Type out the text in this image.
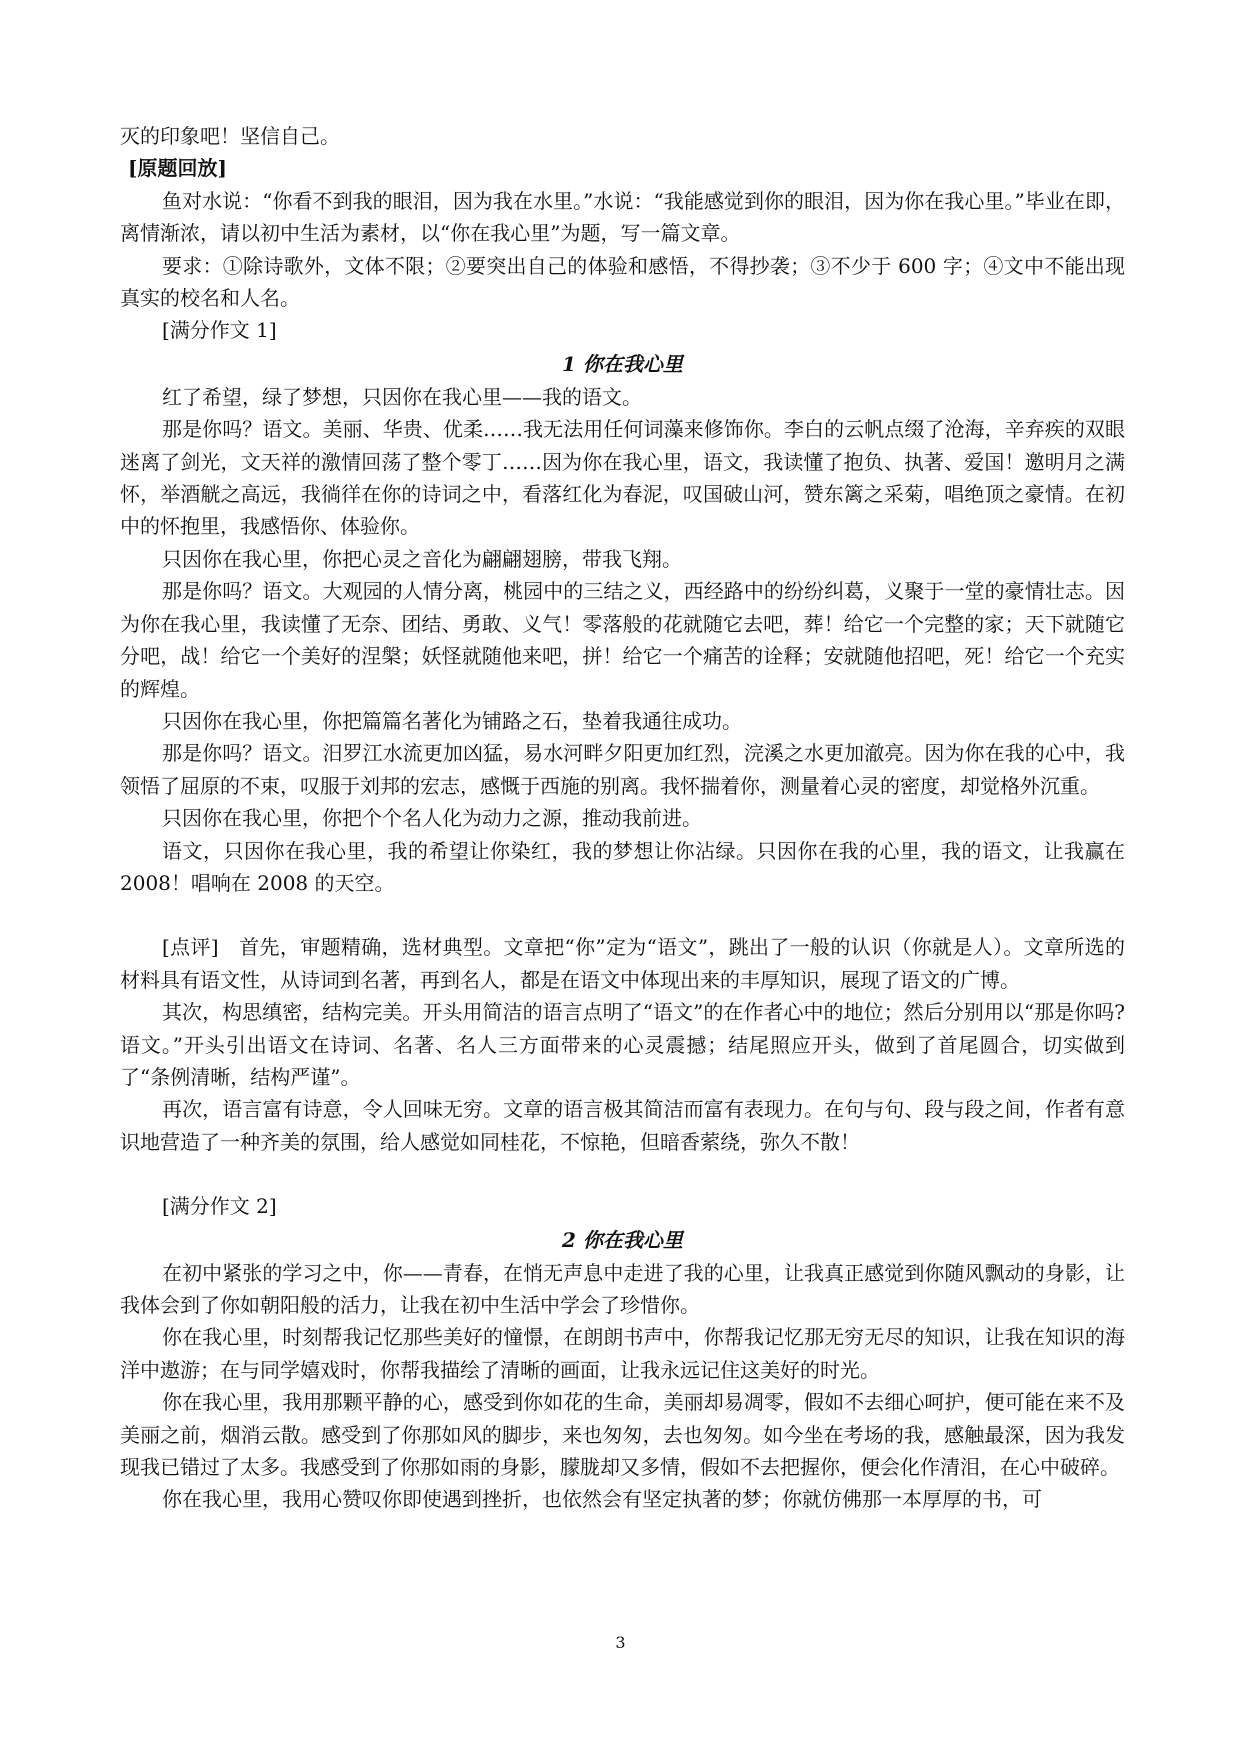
灭的印象吧！坚信自己。

[原题回放]

鱼对水说：“你看不到我的眼泪，因为我在水里。”水说：“我能感觉到你的眼泪，因为你在我心里。”毕业在即，离情渐浓，请以初中生活为素材，以“你在我心里”为题，写一篇文章。

要求：①除诗歌外，文体不限；②要突出自己的体验和感悟，不得抄袭；③不少于 600 字；④文中不能出现真实的校名和人名。

[满分作文 1]

1 你在我心里

红了希望，绿了梦想，只因你在我心里——我的语文。

那是你吗？语文。美丽、华贵、优柔……我无法用任何词藻来修饰你。李白的云帆点缀了沧海，辛弃疾的双眼迷离了剑光，文天祥的激情回荡了整个零丁……因为你在我心里，语文，我读懂了抱负、执著、爱国！邀明月之满怀，举酒觥之高远，我徜徉在你的诗词之中，看落红化为春泥，叹国破山河，赞东篱之采菊，唱绝顶之豪情。在初中的怀抱里，我感悟你、体验你。

只因你在我心里，你把心灵之音化为翩翩翅膀，带我飞翔。

那是你吗？语文。大观园的人情分离，桃园中的三结之义，西经路中的纷纷纠葛，义聚于一堂的豪情壮志。因为你在我心里，我读懂了无奈、团结、勇敢、义气！零落般的花就随它去吧，葬！给它一个完整的家；天下就随它分吧，战！给它一个美好的涅槃；妖怪就随他来吧，拼！给它一个痛苦的诠释；安就随他招吧，死！给它一个充实的辉煌。

只因你在我心里，你把篇篇名著化为铺路之石，垫着我通往成功。

那是你吗？语文。汨罗江水流更加凶猛，易水河畔夕阳更加红烈，浣溪之水更加澈亮。因为你在我的心中，我领悟了屈原的不束，叹服于刘邦的宏志，感慨于西施的别离。我怀揣着你，测量着心灵的密度，却觉格外沉重。

只因你在我心里，你把个个名人化为动力之源，推动我前进。

语文，只因你在我心里，我的希望让你染红，我的梦想让你沾绿。只因你在我的心里，我的语文，让我赢在 2008！唱响在 2008 的天空。

[点评]　首先，审题精确，选材典型。文章把“你”定为“语文”，跳出了一般的认识（你就是人）。文章所选的材料具有语文性，从诗词到名著，再到名人，都是在语文中体现出来的丰厚知识，展现了语文的广博。

其次，构思缜密，结构完美。开头用简洁的语言点明了“语文”的在作者心中的地位；然后分别用以“那是你吗?语文。”开头引出语文在诗词、名著、名人三方面带来的心灵震撼；结尾照应开头，做到了首尾圆合，切实做到了“条例清晰，结构严谨”。

再次，语言富有诗意，令人回味无穷。文章的语言极其简洁而富有表现力。在句与句、段与段之间，作者有意识地营造了一种齐美的氛围，给人感觉如同桂花，不惊艳，但暗香萦绕，弥久不散！

[满分作文 2]

2 你在我心里

在初中紧张的学习之中，你——青春，在悄无声息中走进了我的心里，让我真正感觉到你随风飘动的身影，让我体会到了你如朝阳般的活力，让我在初中生活中学会了珍惜你。

你在我心里，时刻帮我记忆那些美好的憧憬，在朗朗书声中，你帮我记忆那无穷无尽的知识，让我在知识的海洋中遨游；在与同学嬉戏时，你帮我描绘了清晰的画面，让我永远记住这美好的时光。

你在我心里，我用那颗平静的心，感受到你如花的生命，美丽却易凋零，假如不去细心呵护，便可能在来不及美丽之前，烟消云散。感受到了你那如风的脚步，来也匆匆，去也匆匆。如今坐在考场的我，感触最深，因为我发现我已错过了太多。我感受到了你那如雨的身影，朦胧却又多情，假如不去把握你，便会化作清泪，在心中破碎。

你在我心里，我用心赞叹你即使遇到挫折，也依然会有坚定执著的梦；你就仿佛那一本厚厚的书，可

3
